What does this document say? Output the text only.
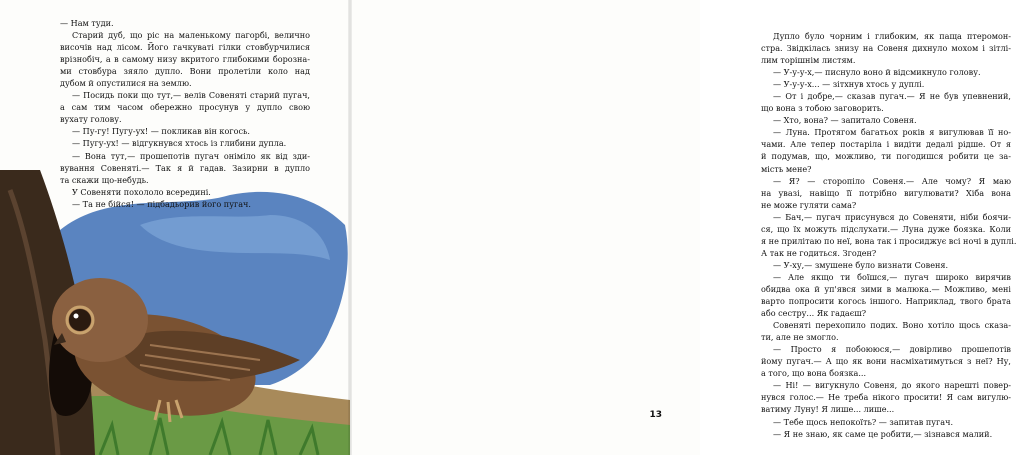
— Нам туди.

Старий дуб, що ріс на маленькому пагорбі, велично
височів над лісом. Його гачкуваті гілки стовбурчилися
врізнобіч, а в самому низу вкритого глибокими борозна-
ми стовбура зяяло дупло. Вони пролетіли коло над
дубом й опустилися на землю.

— Посидь поки що тут,— велів Совеняті старий пугач,
а сам тим часом обережно просунув у дупло свою
вухату голову.

— Пу-гу! Пугу-ух! — покликав він когось.

— Пугу-ух! — відгукнувся хтось із глибини дупла.

— Вона тут,— прошепотів пугач оніміло як від зди-
вування Совеняті.— Так я й гадав. Зазирни в дупло
та скажи що-небудь.

У Совеняти похололо всередині.

— Та не бійся! — підбадьорив його пугач.

Дупло було чорним і глибоким, як паща птеромон-
стра. Звідкілась знизу на Совеня дихнуло мохом і зітлі-
лим торішнім листям.

— У-у-у-х,— писнуло воно й відсмикнуло голову.

— У-у-у-х... — зітхнув хтось у дуплі.

— От і добре,— сказав пугач.— Я не був упевнений,
що вона з тобою заговорить.

— Хто, вона? — запитало Совеня.

— Луна. Протягом багатьох років я вигулював її но-
чами. Але тепер постаріла і видіти дедалі рідше. От я
й подумав, що, можливо, ти погодишся робити це за-
мість мене?

— Я? — сторопіло Совеня.— Але чому? Я маю
на увазі, навіщо її потрібно вигулювати? Хіба вона
не може гуляти сама?

— Бач,— пугач присунувся до Совеняти, ніби боячи-
ся, що їх можуть підслухати.— Луна дуже боязка. Коли
я не прилітаю по неї, вона так і просиджує всі ночі в дуплі.
А так не годиться. Згоден?

— У-ху,— змушене було визнати Совеня.

— Але якщо ти боїшся,— пугач широко вирячив
обидва ока й уп'явся зими в малюка.— Можливо, мені
варто попросити когось іншого. Наприклад, твого брата
або сестру... Як гадаєш?

Совеняті перехопило подих. Воно хотіло щось сказа-
ти, але не змогло.

— Просто я побоююся,— довірливо прошепотів
йому пугач.— А що як вони насміхатимуться з неї? Ну,
а того, що вона боязка...

— Ні! — вигукнуло Совеня, до якого нарешті повер-
нувся голос.— Не треба нікого просити! Я сам вигулю-
ватиму Луну! Я лише... лише...

— Тебе щось непокоїть? — запитав пугач.

— Я не знаю, як саме це робити,— зізнався малий.

13
